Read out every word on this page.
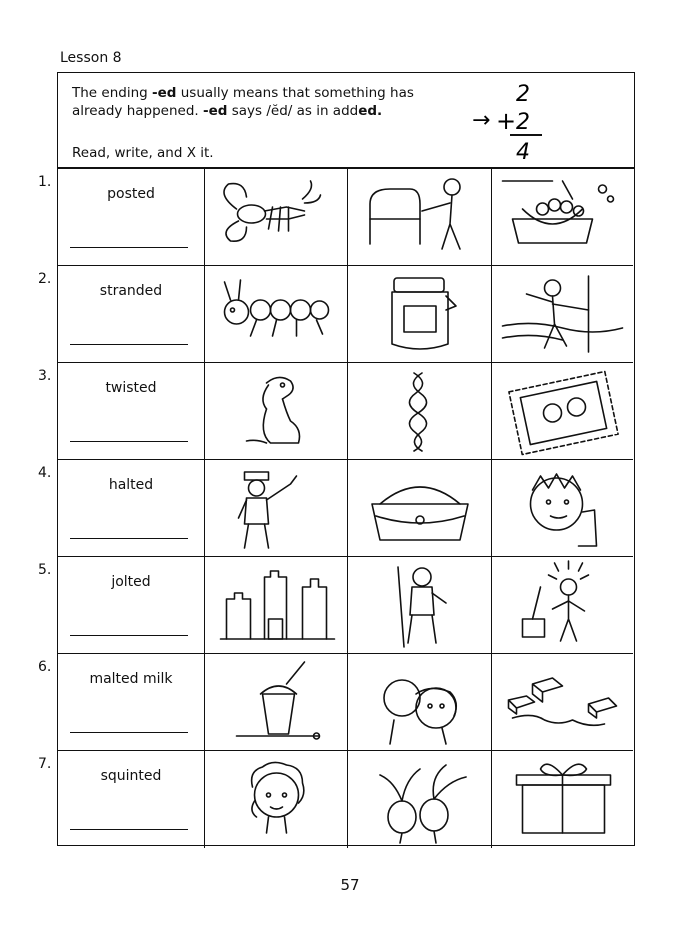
Lesson 8
The ending -ed usually means that something has
already happened. -ed says /ĕd/ as in added.
Read, write, and X it.
→ +
2
2
4
posted
stranded
twisted
halted
jolted
malted milk
squinted
1.
2.
3.
4.
5.
6.
7.
57
